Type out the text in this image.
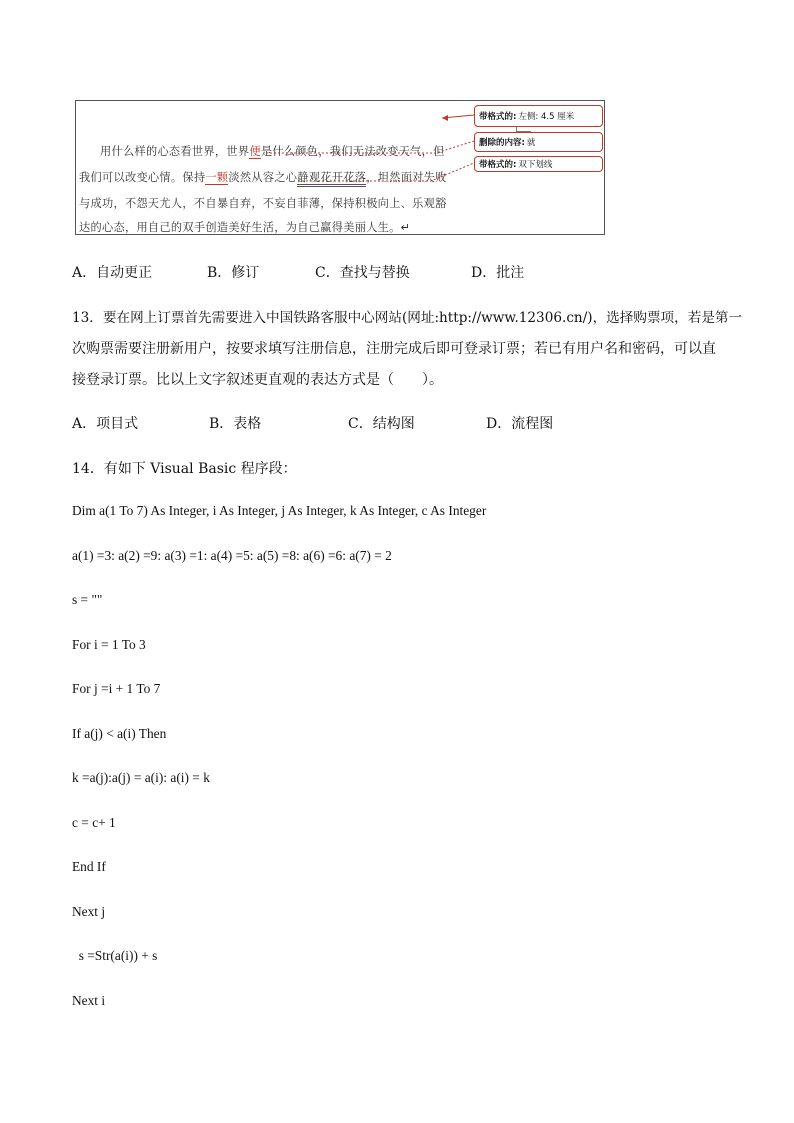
用什么样的心态看世界，世界便是什么颜色，我们无法改变天气，但
我们可以改变心情。保持一颗淡然从容之心静观花开花落，坦然面对失败
与成功，不怨天尤人，不自暴自弃，不妄自菲薄，保持积极向上、乐观豁
达的心态，用自己的双手创造美好生活，为自己赢得美丽人生。↵
带格式的: 左侧: 4.5 厘米
删除的内容: 就
带格式的: 双下划线
A．自动更正	B．修订	C．查找与替换	D．批注
13．要在网上订票首先需要进入中国铁路客服中心网站(网址:http://www.12306.cn/)，选择购票项，若是第一
次购票需要注册新用户，按要求填写注册信息，注册完成后即可登录订票；若已有用户名和密码，可以直
接登录订票。比以上文字叙述更直观的表达方式是（　　）。
A．项目式	B．表格	C．结构图	D．流程图
14．有如下 Visual Basic 程序段：
Dim a(1 To 7) As Integer, i As Integer, j As Integer, k As Integer, c As Integer
a(1) =3: a(2) =9: a(3) =1: a(4) =5: a(5) =8: a(6) =6: a(7) = 2
s = ""
For i = 1 To 3
For j =i + 1 To 7
If a(j) < a(i) Then
k =a(j):a(j) = a(i): a(i) = k
c = c+ 1
End If
Next j
s =Str(a(i)) + s
Next i
